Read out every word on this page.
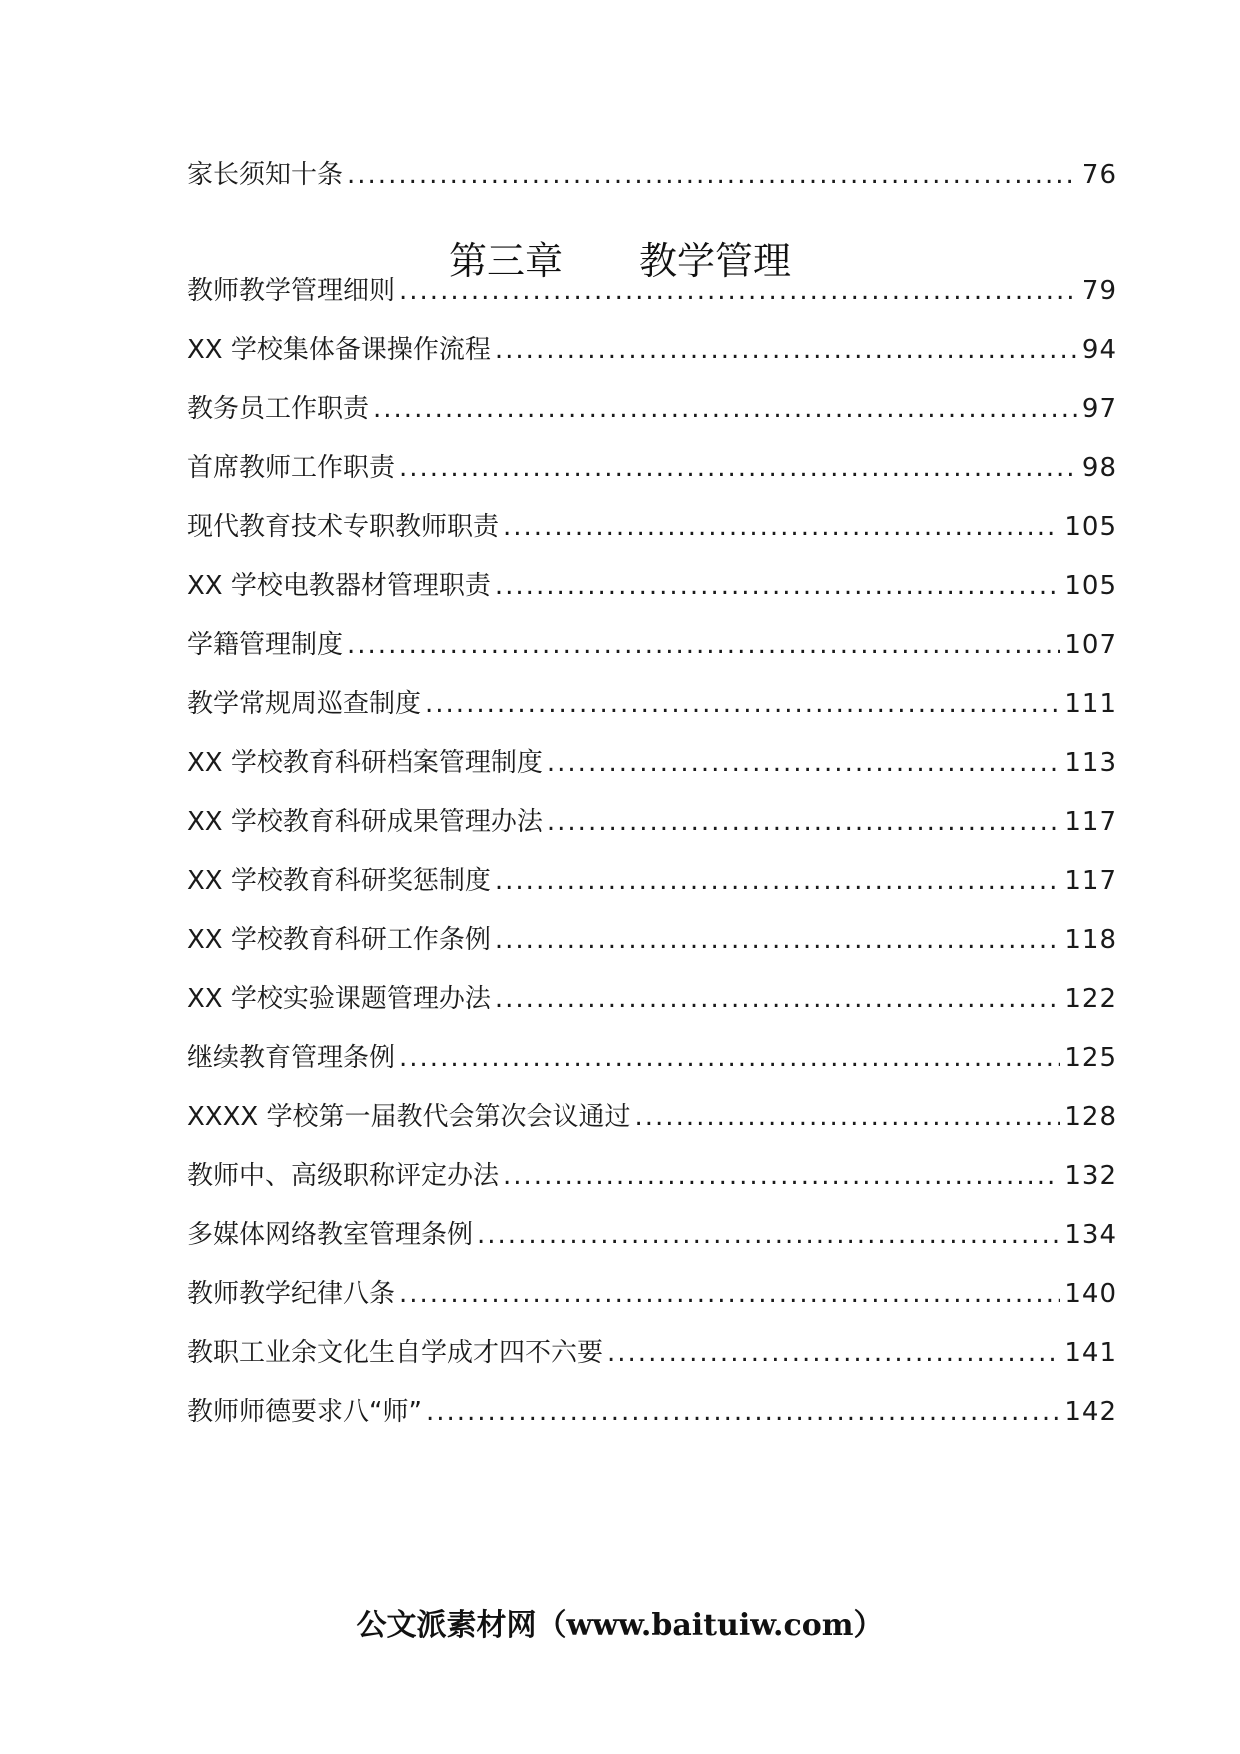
家长须知十条 .....	76
教师教学管理细则 .....	79
XX 学校集体备课操作流程 .....	94
教务员工作职责 .....	97
首席教师工作职责 .....	98
现代教育技术专职教师职责 .....	105
XX 学校电教器材管理职责 .....	105
学籍管理制度 .....	107
教学常规周巡查制度 .....	111
XX 学校教育科研档案管理制度 .....	113
XX 学校教育科研成果管理办法 .....	117
XX 学校教育科研奖惩制度 .....	117
XX 学校教育科研工作条例 .....	118
XX 学校实验课题管理办法 .....	122
继续教育管理条例 .....	125
XXXX 学校第一届教代会第次会议通过 .....	128
教师中、高级职称评定办法 .....	132
多媒体网络教室管理条例 .....	134
教师教学纪律八条 .....	140
教职工业余文化生自学成才四不六要 .....	141
教师师德要求八“师” .....	142
第三章　　教学管理
公文派素材网（www.baituiw.com）
